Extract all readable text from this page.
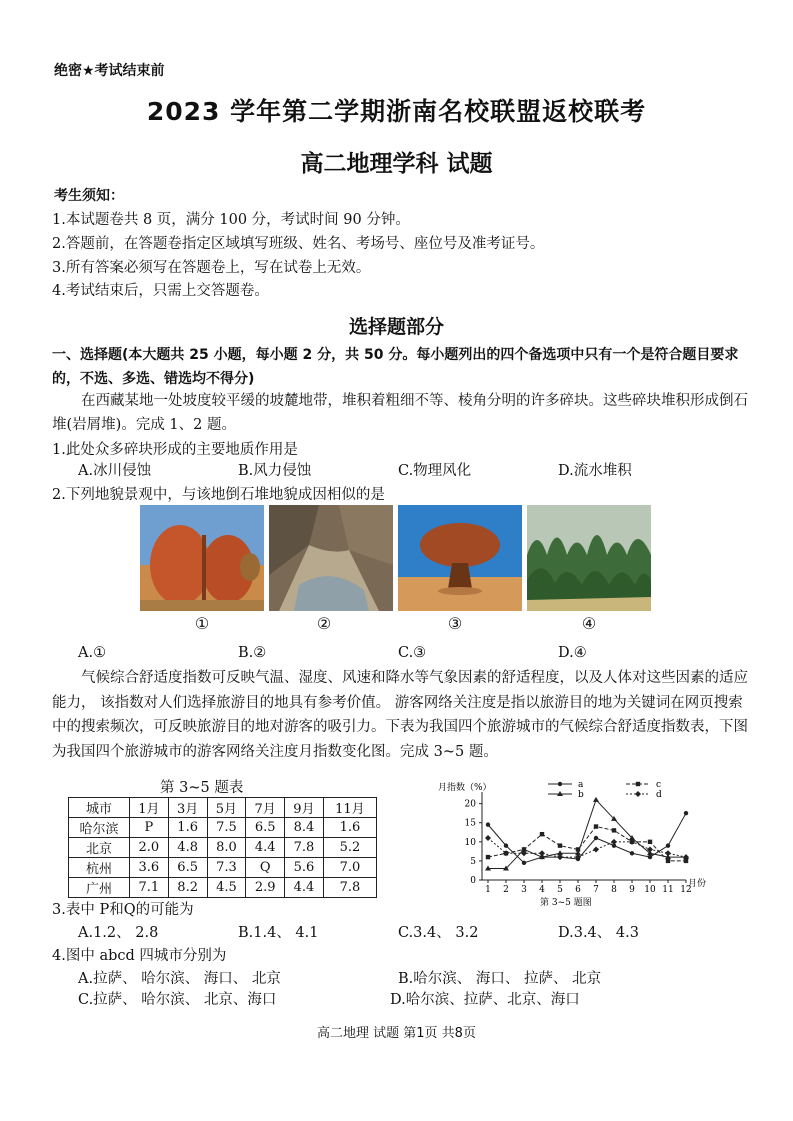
绝密★考试结束前
2023 学年第二学期浙南名校联盟返校联考
高二地理学科 试题
考生须知：
1.本试题卷共 8 页，满分 100 分，考试时间 90 分钟。
2.答题前，在答题卷指定区域填写班级、姓名、考场号、座位号及准考证号。
3.所有答案必须写在答题卷上，写在试卷上无效。
4.考试结束后，只需上交答题卷。
选择题部分
一、选择题(本大题共 25 小题，每小题 2 分，共 50 分。每小题列出的四个备选项中只有一个是符合题目要求的，不选、多选、错选均不得分)
在西藏某地一处坡度较平缓的坡麓地带，堆积着粗细不等、棱角分明的许多碎块。这些碎块堆积形成倒石堆(岩屑堆)。完成 1、2 题。
1.此处众多碎块形成的主要地质作用是
A.冰川侵蚀	B.风力侵蚀	C.物理风化	D.流水堆积
2.下列地貌景观中，与该地倒石堆地貌成因相似的是
①	②	③	④
A.①	B.②	C.③	D.④
气候综合舒适度指数可反映气温、湿度、风速和降水等气象因素的舒适程度，以及人体对这些因素的适应能力， 该指数对人们选择旅游目的地具有参考价值。 游客网络关注度是指以旅游目的地为关键词在网页搜索中的搜索频次，可反映旅游目的地对游客的吸引力。下表为我国四个旅游城市的气候综合舒适度指数表，下图为我国四个旅游城市的游客网络关注度月指数变化图。完成 3~5 题。
第 3~5 题表
城市	1月	3月	5月	7月	9月	11月
哈尔滨	P	1.6	7.5	6.5	8.4	1.6
北京	2.0	4.8	8.0	4.4	7.8	5.2
杭州	3.6	6.5	7.3	Q	5.6	7.0
广州	7.1	8.2	4.5	2.9	4.4	7.8
月指数（%）
月份
第 3~5 题图
0
5
10
15
20
1 2 3 4 5 6 7 8 9 10 11 12
a
b
c
d
3.表中 P和Q的可能为
A.1.2、 2.8	B.1.4、 4.1	C.3.4、 3.2	D.3.4、 4.3
4.图中 abcd 四城市分别为
A.拉萨、 哈尔滨、 海口、 北京	B.哈尔滨、 海口、 拉萨、 北京
C.拉萨、 哈尔滨、 北京、海口	D.哈尔滨、拉萨、北京、海口
高二地理 试题 第1页 共8页
